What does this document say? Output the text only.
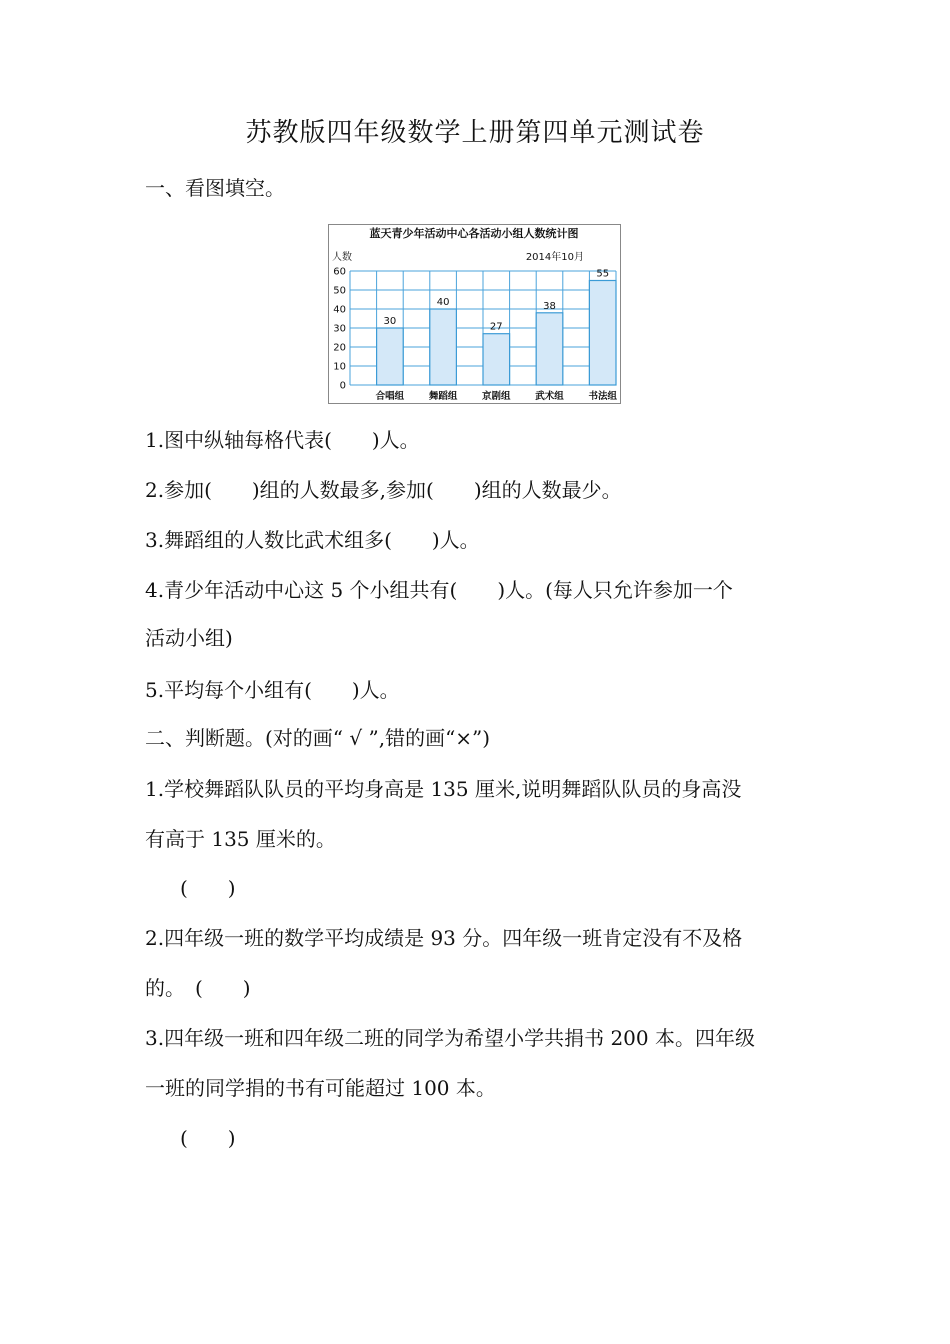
苏教版四年级数学上册第四单元测试卷
一、看图填空。
蓝天青少年活动中心各活动小组人数统计图
人数	2014年10月
0
10
20
30
40
50
60
30
合唱组
40
舞蹈组
27
京剧组
38
武术组
55
书法组
1.图中纵轴每格代表(　　)人。
2.参加(　　)组的人数最多,参加(　　)组的人数最少。
3.舞蹈组的人数比武术组多(　　)人。
4.青少年活动中心这 5 个小组共有(　　)人。(每人只允许参加一个
活动小组)
5.平均每个小组有(　　)人。
二、判断题。(对的画“ √ ”,错的画“×”)
1.学校舞蹈队队员的平均身高是 135 厘米,说明舞蹈队队员的身高没
有高于 135 厘米的。
(　　)
2.四年级一班的数学平均成绩是 93 分。四年级一班肯定没有不及格
的。　(　　)
3.四年级一班和四年级二班的同学为希望小学共捐书 200 本。四年级
一班的同学捐的书有可能超过 100 本。
(　　)
